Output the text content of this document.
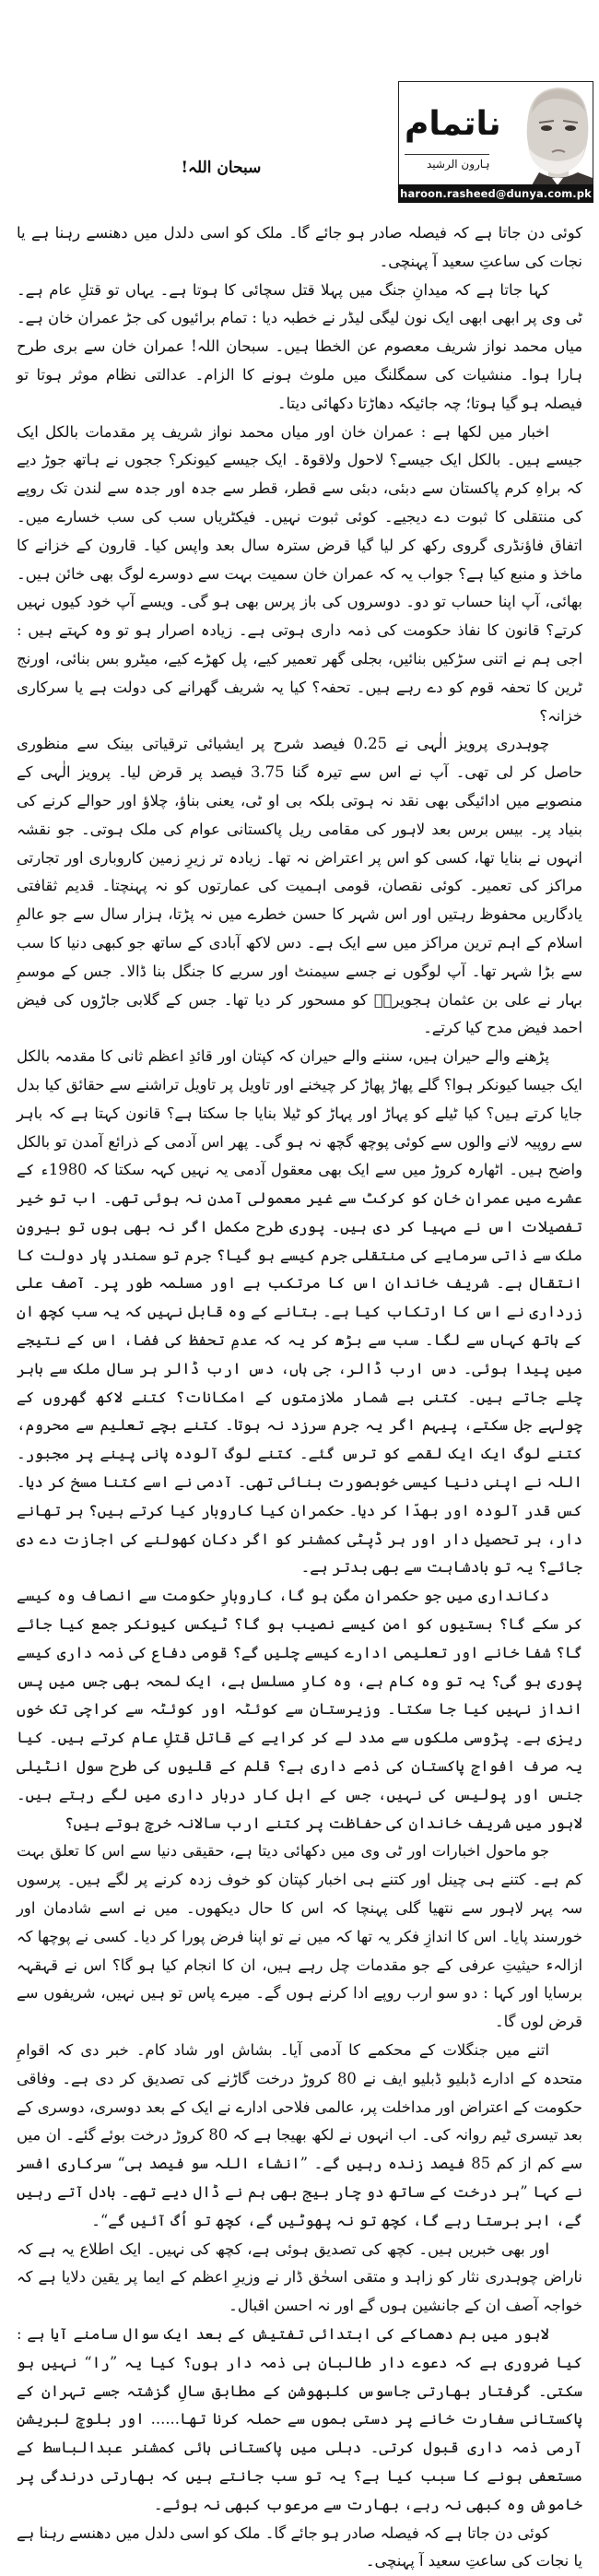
ناتمام
ہارون الرشید
haroon.rasheed@dunya.com.pk
سبحان اللہ!

کوئی دن جاتا ہے کہ فیصلہ صادر ہو جائے گا۔ ملک کو اسی دلدل میں دھنسے رہنا ہے یا نجات کی ساعتِ سعید آ پہنچی۔

کہا جاتا ہے کہ میدانِ جنگ میں پہلا قتل سچائی کا ہوتا ہے۔ یہاں تو قتلِ عام ہے۔ ٹی وی پر ابھی ابھی ایک نون لیگی لیڈر نے خطبہ دیا : تمام برائیوں کی جڑ عمران خان ہے۔ میاں محمد نواز شریف معصوم عن الخطا ہیں۔ سبحان اللہ! عمران خان سے بری طرح ہارا ہوا۔ منشیات کی سمگلنگ میں ملوث ہونے کا الزام۔ عدالتی نظام موثر ہوتا تو فیصلہ ہو گیا ہوتا؛ چہ جائیکہ دھاڑتا دکھائی دیتا۔

اخبار میں لکھا ہے : عمران خان اور میاں محمد نواز شریف پر مقدمات بالکل ایک جیسے ہیں۔ بالکل ایک جیسے؟ لاحول ولاقوۃ۔ ایک جیسے کیونکر؟ ججوں نے ہاتھ جوڑ دیے کہ براہِ کرم پاکستان سے دبئی، دبئی سے قطر، قطر سے جدہ اور جدہ سے لندن تک روپے کی منتقلی کا ثبوت دے دیجیے۔ کوئی ثبوت نہیں۔ فیکٹریاں سب کی سب خسارے میں۔ اتفاق فاؤنڈری گروی رکھ کر لیا گیا قرض سترہ سال بعد واپس کیا۔ قارون کے خزانے کا ماخذ و منبع کیا ہے؟ جواب یہ کہ عمران خان سمیت بہت سے دوسرے لوگ بھی خائن ہیں۔ بھائی، آپ اپنا حساب تو دو۔ دوسروں کی باز پرس بھی ہو گی۔ ویسے آپ خود کیوں نہیں کرتے؟ قانون کا نفاذ حکومت کی ذمہ داری ہوتی ہے۔ زیادہ اصرار ہو تو وہ کہتے ہیں : اجی ہم نے اتنی سڑکیں بنائیں، بجلی گھر تعمیر کیے، پل کھڑے کیے، میٹرو بس بنائی، اورنج ٹرین کا تحفہ قوم کو دے رہے ہیں۔ تحفہ؟ کیا یہ شریف گھرانے کی دولت ہے یا سرکاری خزانہ؟

چوہدری پرویز الٰہی نے 0.25 فیصد شرح پر ایشیائی ترقیاتی بینک سے منظوری حاصل کر لی تھی۔ آپ نے اس سے تیرہ گنا 3.75 فیصد پر قرض لیا۔ پرویز الٰہی کے منصوبے میں ادائیگی بھی نقد نہ ہوتی بلکہ بی او ٹی، یعنی بناؤ، چلاؤ اور حوالے کرنے کی بنیاد پر۔ بیس برس بعد لاہور کی مقامی ریل پاکستانی عوام کی ملک ہوتی۔ جو نقشہ انہوں نے بنایا تھا، کسی کو اس پر اعتراض نہ تھا۔ زیادہ تر زیرِ زمین کاروباری اور تجارتی مراکز کی تعمیر۔ کوئی نقصان، قومی اہمیت کی عمارتوں کو نہ پہنچتا۔ قدیم ثقافتی یادگاریں محفوظ رہتیں اور اس شہر کا حسن خطرے میں نہ پڑتا، ہزار سال سے جو عالمِ اسلام کے اہم ترین مراکز میں سے ایک ہے۔ دس لاکھ آبادی کے ساتھ جو کبھی دنیا کا سب سے بڑا شہر تھا۔ آپ لوگوں نے جسے سیمنٹ اور سریے کا جنگل بنا ڈالا۔ جس کے موسمِ بہار نے علی بن عثمان ہجویریؒ کو مسحور کر دیا تھا۔ جس کے گلابی جاڑوں کی فیض احمد فیض مدح کیا کرتے۔

پڑھنے والے حیران ہیں، سننے والے حیران کہ کپتان اور قائدِ اعظم ثانی کا مقدمہ بالکل ایک جیسا کیونکر ہوا؟ گلے پھاڑ پھاڑ کر چیخنے اور تاویل پر تاویل تراشنے سے حقائق کیا بدل جایا کرتے ہیں؟ کیا ٹیلے کو پہاڑ اور پہاڑ کو ٹیلا بنایا جا سکتا ہے؟ قانون کہتا ہے کہ باہر سے روپیہ لانے والوں سے کوئی پوچھ گچھ نہ ہو گی۔ پھر اس آدمی کے ذرائع آمدن تو بالکل واضح ہیں۔ اٹھارہ کروڑ میں سے ایک بھی معقول آدمی یہ نہیں کہہ سکتا کہ 1980ء کے عشرے میں عمران خان کو کرکٹ سے غیر معمولی آمدن نہ ہوئی تھی۔ اب تو خیر تفصیلات اس نے مہیا کر دی ہیں۔ پوری طرح مکمل اگر نہ بھی ہوں تو بیرونِ ملک سے ذاتی سرمایے کی منتقلی جرم کیسے ہو گیا؟ جرم تو سمندر پار دولت کا انتقال ہے۔ شریف خاندان اس کا مرتکب ہے اور مسلمہ طور پر۔ آصف علی زرداری نے اس کا ارتکاب کیا ہے۔ بتانے کے وہ قابل نہیں کہ یہ سب کچھ ان کے ہاتھ کہاں سے لگا۔ سب سے بڑھ کر یہ کہ عدمِ تحفظ کی فضا، اس کے نتیجے میں پیدا ہوئی۔ دس ارب ڈالر، جی ہاں، دس ارب ڈالر ہر سال ملک سے باہر چلے جاتے ہیں۔ کتنی بے شمار ملازمتوں کے امکانات؟ کتنے لاکھ گھروں کے چولہے جل سکتے، پیہم اگر یہ جرم سرزد نہ ہوتا۔ کتنے بچے تعلیم سے محروم، کتنے لوگ ایک ایک لقمے کو ترس گئے۔ کتنے لوگ آلودہ پانی پینے پر مجبور۔ اللہ نے اپنی دنیا کیسی خوبصورت بنائی تھی۔ آدمی نے اسے کتنا مسخ کر دیا۔ کس قدر آلودہ اور بھدّا کر دیا۔ حکمران کیا کاروبار کیا کرتے ہیں؟ ہر تھانے دار، ہر تحصیل دار اور ہر ڈپٹی کمشنر کو اگر دکان کھولنے کی اجازت دے دی جائے؟ یہ تو بادشاہت سے بھی بدتر ہے۔

دکانداری میں جو حکمران مگن ہو گا، کاروبارِ حکومت سے انصاف وہ کیسے کر سکے گا؟ بستیوں کو امن کیسے نصیب ہو گا؟ ٹیکس کیونکر جمع کیا جائے گا؟ شفا خانے اور تعلیمی ادارے کیسے چلیں گے؟ قومی دفاع کی ذمہ داری کیسے پوری ہو گی؟ یہ تو وہ کام ہے، وہ کارِ مسلسل ہے، ایک لمحہ بھی جس میں پس انداز نہیں کیا جا سکتا۔ وزیرستان سے کوئٹہ اور کوئٹہ سے کراچی تک خوں ریزی ہے۔ پڑوسی ملکوں سے مدد لے کر کرایے کے قاتل قتلِ عام کرتے ہیں۔ کیا یہ صرف افواجِ پاکستان کی ذمے داری ہے؟ قلم کے قلیوں کی طرح سول انٹیلی جنس اور پولیس کی نہیں، جس کے اہل کار دربار داری میں لگے رہتے ہیں۔ لاہور میں شریف خاندان کی حفاظت پر کتنے ارب سالانہ خرچ ہوتے ہیں؟

جو ماحول اخبارات اور ٹی وی میں دکھائی دیتا ہے، حقیقی دنیا سے اس کا تعلق بہت کم ہے۔ کتنے ہی چینل اور کتنے ہی اخبار کپتان کو خوف زدہ کرنے پر لگے ہیں۔ پرسوں سہ پہر لاہور سے نتھیا گلی پہنچا کہ اس کا حال دیکھوں۔ میں نے اسے شادمان اور خورسند پایا۔ اس کا اندازِ فکر یہ تھا کہ میں نے تو اپنا فرض پورا کر دیا۔ کسی نے پوچھا کہ ازالہء حیثیتِ عرفی کے جو مقدمات چل رہے ہیں، ان کا انجام کیا ہو گا؟ اس نے قہقہہ برسایا اور کہا : دو سو ارب روپے ادا کرنے ہوں گے۔ میرے پاس تو ہیں نہیں، شریفوں سے قرض لوں گا۔

اتنے میں جنگلات کے محکمے کا آدمی آیا۔ بشاش اور شاد کام۔ خبر دی کہ اقوامِ متحدہ کے ادارے ڈبلیو ڈبلیو ایف نے 80 کروڑ درخت گاڑنے کی تصدیق کر دی ہے۔ وفاقی حکومت کے اعتراض اور مداخلت پر، عالمی فلاحی ادارے نے ایک کے بعد دوسری، دوسری کے بعد تیسری ٹیم روانہ کی۔ اب انہوں نے لکھ بھیجا ہے کہ 80 کروڑ درخت بوئے گئے۔ ان میں سے کم از کم 85 فیصد زندہ رہیں گے۔ ”انشاء اللہ سو فیصد ہی“ سرکاری افسر نے کہا ”ہر درخت کے ساتھ دو چار بیج بھی ہم نے ڈال دیے تھے۔ بادل آتے رہیں گے، ابر برستا رہے گا، کچھ تو نہ پھوٹیں گے، کچھ تو اُگ آئیں گے“۔

اور بھی خبریں ہیں۔ کچھ کی تصدیق ہوئی ہے، کچھ کی نہیں۔ ایک اطلاع یہ ہے کہ ناراض چوہدری نثار کو زاہد و متقی اسحٰق ڈار نے وزیرِ اعظم کے ایما پر یقین دلایا ہے کہ خواجہ آصف ان کے جانشین ہوں گے اور نہ احسن اقبال۔

لاہور میں بم دھماکے کی ابتدائی تفتیش کے بعد ایک سوال سامنے آیا ہے : کیا ضروری ہے کہ دعوے دار طالبان ہی ذمہ دار ہوں؟ کیا یہ ”را“ نہیں ہو سکتی۔ گرفتار بھارتی جاسوس کلبھوشن کے مطابق سالِ گزشتہ جسے تہران کے پاکستانی سفارت خانے پر دستی بموں سے حملہ کرنا تھا...... اور بلوچ لبریشن آرمی ذمہ داری قبول کرتی۔ دہلی میں پاکستانی ہائی کمشنر عبدالباسط کے مستعفی ہونے کا سبب کیا ہے؟ یہ تو سب جانتے ہیں کہ بھارتی درندگی پر خاموش وہ کبھی نہ رہے، بھارت سے مرعوب کبھی نہ ہوئے۔

کوئی دن جاتا ہے کہ فیصلہ صادر ہو جائے گا۔ ملک کو اسی دلدل میں دھنسے رہنا ہے یا نجات کی ساعتِ سعید آ پہنچی۔
